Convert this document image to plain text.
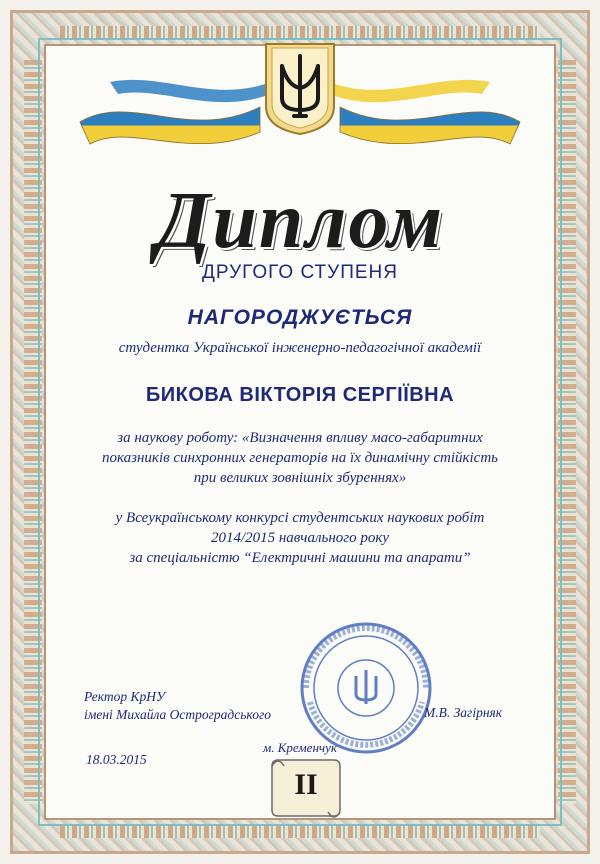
Диплом
ДРУГОГО СТУПЕНЯ
НАГОРОДЖУЄТЬСЯ
студентка Української інженерно-педагогічної академії
БИКОВА ВІКТОРІЯ СЕРГІЇВНА
за наукову роботу: «Визначення впливу масо-габаритних
показників синхронних генераторів на їх динамічну стійкість
при великих зовнішніх збуреннях»
у Всеукраїнському конкурсі студентських наукових робіт
2014/2015 навчального року
за спеціальністю “Електричні машини та апарати”
Ректор КрНУ
імені Михайла Остроградського	М.В. Загірняк
м. Кременчук
18.03.2015
II
